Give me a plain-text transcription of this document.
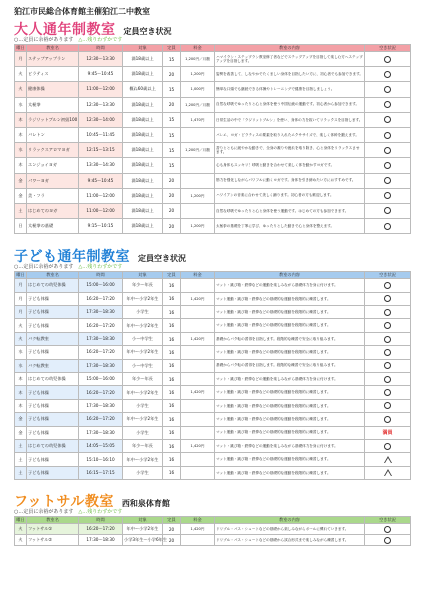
狛江市民総合体育館主催狛江二中教室
大人通年制教室 定員空き状況
○…定員に余裕があります　△…残りわずかです
曜日	教室名	時間	対象	定員	料金	教室の内容	空き状況
月	ステップアップラン	12:30～13:30	満18歳以上	15	1,200円／月額	ハマイラン・ステップラン教室修了者などでステップアップを目指して楽しむ方へステップアップを目指します。	
火	ピラティス	9:45～10:45	満18歳以上	20	1,200円	姿勢を改善して、しなやかでたくましい身体を目指したい方に、初心者でも参加できます。	
火	健康体操	11:00～12:00	概ね60歳以上	15	1,000円	簡単な口頭でも継続できる体操やトレーニングで健康を目指しましょう。	
水	太極拳	12:30～13:30	満18歳以上	20	1,200円／月額	自然な呼吸でゆったりと心と身体を使う中国伝統の運動です。初心者から参加できます。	
木	ラジリットブルン初級100	12:30～14:00	満18歳以上	15	1,470円	日常生活の中で「ラジリットブルン」を使い、身体の力を抜いてリラックスを目指します。	
木	バレトン	10:45～11:45	満18歳以上	15		バレエ、ヨガ・ピラティスの要素を取り入れたエクササイズで、楽しく体幹を鍛えます。	
水	リラックスアロマヨガ	12:15～13:15	満18歳以上	15	1,200円／月額	香りとともに緩やかな動きで、全身の凝りや疲れを取り除き、心と身体をリラックスさせます。	
木	エンジョイヨガ	13:30～14:30	満18歳以上	15		心も身体もスッキリ！呼吸と動きを合わせて楽しく体を動かすヨガです。	
金	パワーヨガ	9:45～10:45	満18歳以上	20		筋力を強化しながらパワフルに動くヨガです。身体を引き締めたい方におすすめです。	
金	美・フラ	11:00～12:00	満18歳以上	20	1,200円	ハワイアンの音楽に合わせて美しく踊ります。初心者の方も歓迎します。	
土	はじめてのヨガ	11:00～12:00	満18歳以上	20		自然な呼吸でゆったりと心と身体を使う運動です。はじめての方も参加できます。	
日	太極拳の基礎	9:15～10:15	満18歳以上	20	1,200円	太極拳の基礎を丁寧に学び、ゆったりとした動きで心と身体を整えます。	
子ども通年制教室 定員空き状況
○…定員に余裕があります　△…残りわずかです
曜日	教室名	時間	対象	定員	料金	教室の内容	空き状況
月	はじめての幼児体操	15:00～16:00	年少～年長	16		マット・跳び箱・鉄棒などの運動を楽しみながら基礎体力を身に付けます。	
月	子ども体操	16:20～17:20	年中～小学2年生	16	1,420円	マット運動・跳び箱・鉄棒などの基礎的な運動を段階的に練習します。	
月	子ども体操	17:30～18:30	小学生	16		マット運動・跳び箱・鉄棒などの基礎的な運動を段階的に練習します。	
火	子ども体操	16:20～17:20	年中～小学2年生	16		マット運動・跳び箱・鉄棒などの基礎的な運動を段階的に練習します。	
火	バク転教室	17:30～18:30	小～中学生	16	1,420円	基礎からバク転の習得を目指します。段階的な練習で安全に取り組みます。	
水	子ども体操	16:20～17:20	年中～小学2年生	16		マット運動・跳び箱・鉄棒などの基礎的な運動を段階的に練習します。	
水	バク転教室	17:30～18:30	小～中学生	16		基礎からバク転の習得を目指します。段階的な練習で安全に取り組みます。	
木	はじめての幼児体操	15:00～16:00	年少～年長	16		マット・跳び箱・鉄棒などの運動を楽しみながら基礎体力を身に付けます。	
木	子ども体操	16:20～17:20	年中～小学2年生	16	1,420円	マット運動・跳び箱・鉄棒などの基礎的な運動を段階的に練習します。	
木	子ども体操	17:30～18:30	小学生	16		マット運動・跳び箱・鉄棒などの基礎的な運動を段階的に練習します。	
金	子ども体操	16:20～17:20	年中～小学2年生	16		マット運動・跳び箱・鉄棒などの基礎的な運動を段階的に練習します。	
金	子ども体操	17:30～18:30	小学生	16		マット運動・跳び箱・鉄棒などの基礎的な運動を段階的に練習します。	満員
土	はじめての幼児体操	14:05～15:05	年少～年長	16	1,420円	マット・跳び箱・鉄棒などの運動を楽しみながら基礎体力を身に付けます。	
土	子ども体操	15:10～16:10	年中～小学2年生	16		マット運動・跳び箱・鉄棒などの基礎的な運動を段階的に練習します。	
土	子ども体操	16:15～17:15	小学生	16		マット運動・跳び箱・鉄棒などの基礎的な運動を段階的に練習します。	
フットサル教室 西和泉体育館
○…定員に余裕があります　△…残りわずかです
曜日	教室名	時間	対象	定員	料金	教室の内容	空き状況
火	フットサル①	16:20～17:20	年中～小学2年生	20	1,420円	ドリブル・パス・シュートなどの基礎から楽しみながらボールに慣れていきます。	
火	フットサル②	17:30～18:30	小学3年生～小学6年生	20		ドリブル・パス・シュートなどの基礎から試合形式まで楽しみながら練習します。	
